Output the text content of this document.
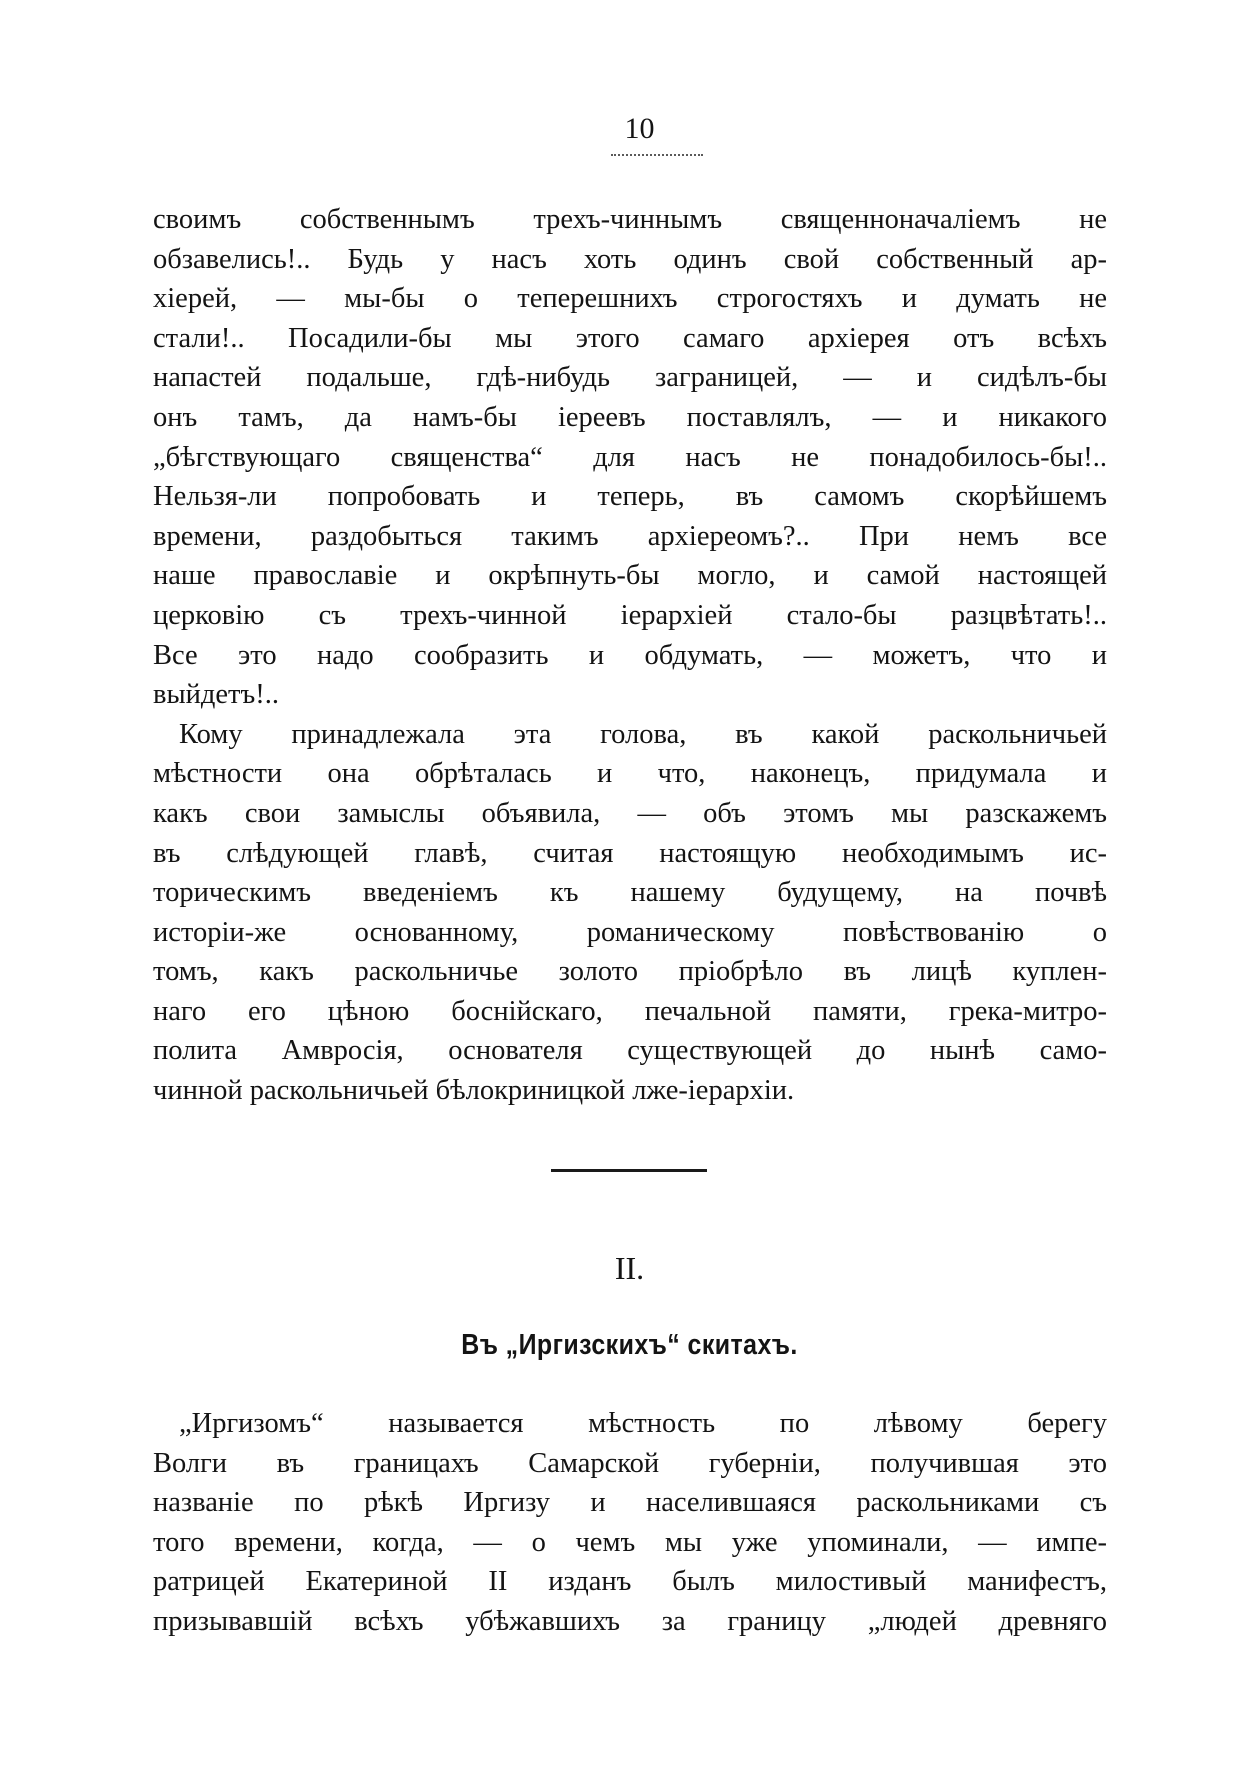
10
своимъ собственнымъ трехъ-чиннымъ священноначаліемъ не
обзавелись!.. Будь у насъ хоть одинъ свой собственный ар-
хіерей, — мы-бы о теперешнихъ строгостяхъ и думать не
стали!.. Посадили-бы мы этого самаго архіерея отъ всѣхъ
напастей подальше, гдѣ-нибудь заграницей, — и сидѣлъ-бы
онъ тамъ, да намъ-бы іереевъ поставлялъ, — и никакого
„бѣгствующаго священства“ для насъ не понадобилось-бы!..
Нельзя-ли попробовать и теперь, въ самомъ скорѣйшемъ
времени, раздобыться такимъ архіереомъ?.. При немъ все
наше православіе и окрѣпнуть-бы могло, и самой настоящей
церковію съ трехъ-чинной іерархіей стало-бы разцвѣтать!..
Все это надо сообразить и обдумать, — можетъ, что и
выйдетъ!..
Кому принадлежала эта голова, въ какой раскольничьей
мѣстности она обрѣталась и что, наконецъ, придумала и
какъ свои замыслы объявила, — объ этомъ мы разскажемъ
въ слѣдующей главѣ, считая настоящую необходимымъ ис-
торическимъ введеніемъ къ нашему будущему, на почвѣ
исторіи-же основанному, романическому повѣствованію о
томъ, какъ раскольничье золото пріобрѣло въ лицѣ куплен-
наго его цѣною боснійскаго, печальной памяти, грека-митро-
полита Амвросія, основателя существующей до нынѣ само-
чинной раскольничьей бѣлокриницкой лже-іерархіи.
II.
Въ „Иргизскихъ“ скитахъ.
„Иргизомъ“ называется мѣстность по лѣвому берегу
Волги въ границахъ Самарской губерніи, получившая это
названіе по рѣкѣ Иргизу и населившаяся раскольниками съ
того времени, когда, — о чемъ мы уже упоминали, — импе-
ратрицей Екатериной II изданъ былъ милостивый манифестъ,
призывавшій всѣхъ убѣжавшихъ за границу „людей древняго
